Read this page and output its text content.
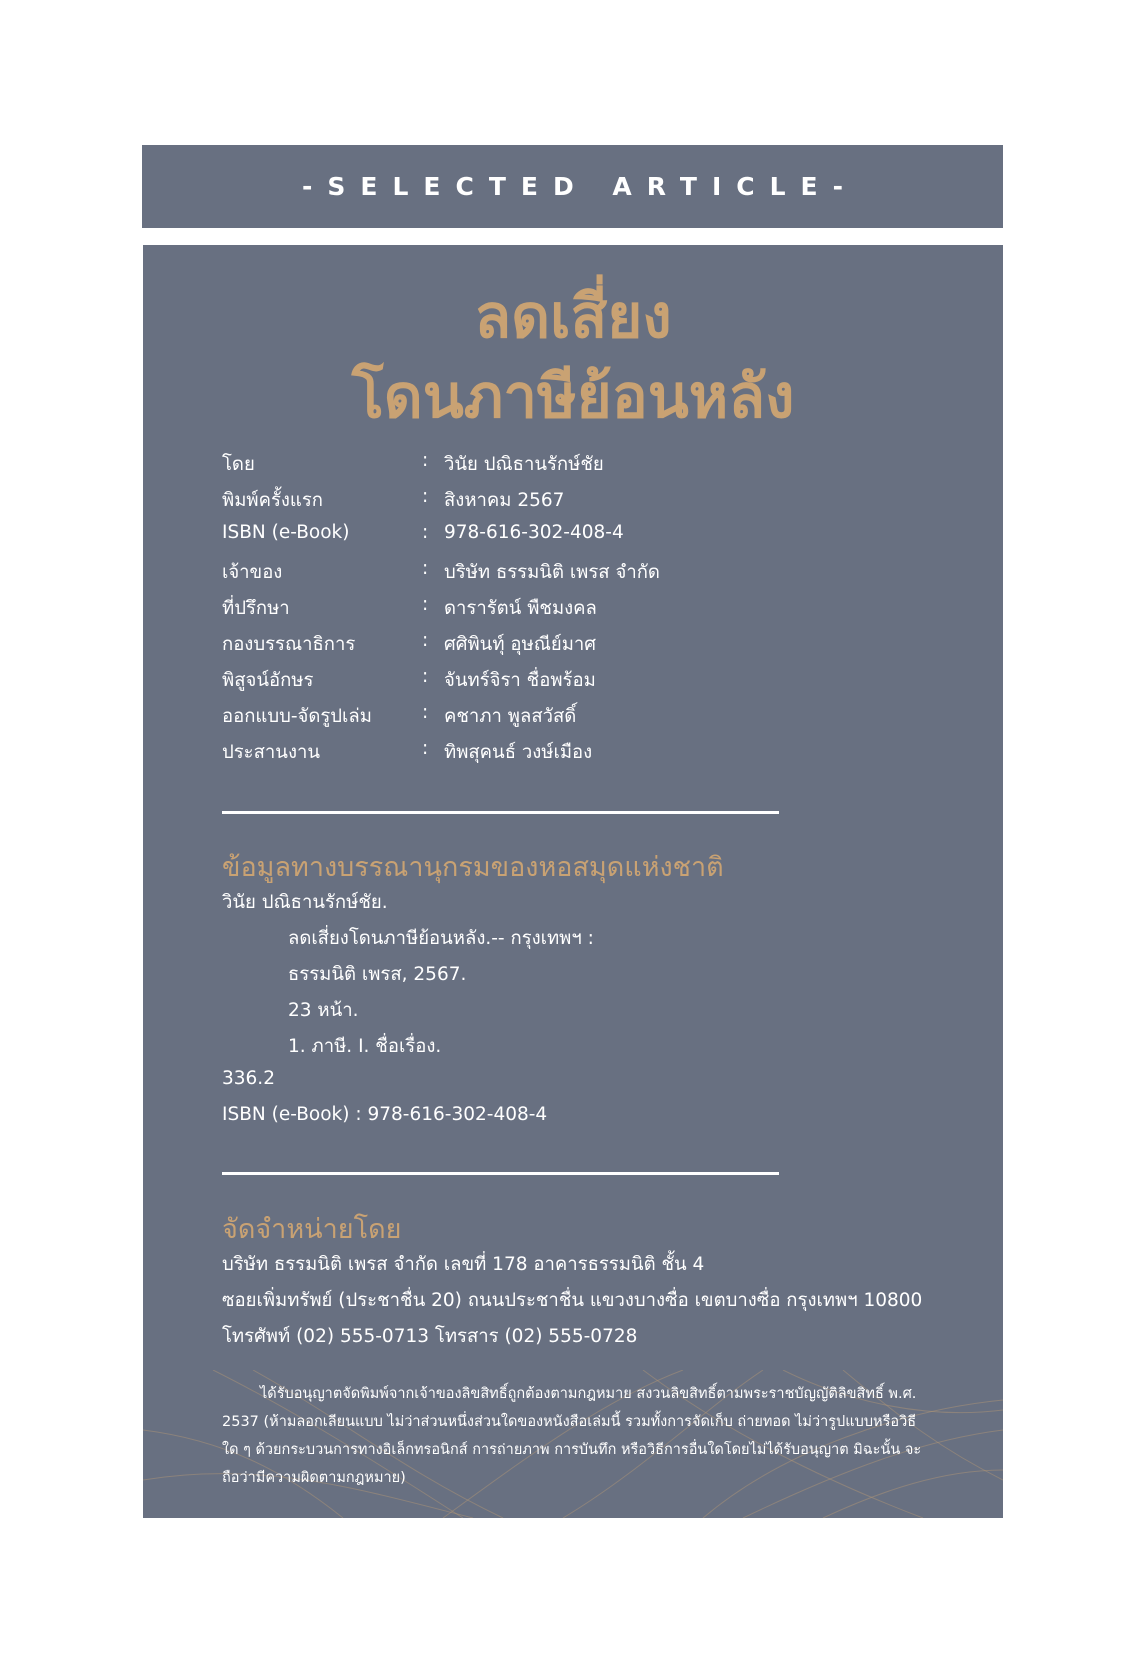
-SELECTED ARTICLE-
ลดเสี่ยง
โดนภาษีย้อนหลัง
โดย	: วินัย ปณิธานรักษ์ชัย
พิมพ์ครั้งแรก	: สิงหาคม 2567
ISBN (e-Book)	: 978-616-302-408-4
เจ้าของ	: บริษัท ธรรมนิติ เพรส จำกัด
ที่ปรึกษา	: ดารารัตน์ พืชมงคล
กองบรรณาธิการ	: ศศิพินทุ์ อุษณีย์มาศ
พิสูจน์อักษร	: จันทร์จิรา ชื่อพร้อม
ออกแบบ-จัดรูปเล่ม	: คชาภา พูลสวัสดิ์
ประสานงาน	: ทิพสุคนธ์ วงษ์เมือง
ข้อมูลทางบรรณานุกรมของหอสมุดแห่งชาติ
วินัย ปณิธานรักษ์ชัย.
ลดเสี่ยงโดนภาษีย้อนหลัง.-- กรุงเทพฯ :
ธรรมนิติ เพรส, 2567.
23 หน้า.
1. ภาษี. I. ชื่อเรื่อง.
336.2
ISBN (e-Book) : 978-616-302-408-4
จัดจำหน่ายโดย
บริษัท ธรรมนิติ เพรส จำกัด เลขที่ 178 อาคารธรรมนิติ ชั้น 4
ซอยเพิ่มทรัพย์ (ประชาชื่น 20) ถนนประชาชื่น แขวงบางซื่อ เขตบางซื่อ กรุงเทพฯ 10800
โทรศัพท์ (02) 555-0713 โทรสาร (02) 555-0728
ได้รับอนุญาตจัดพิมพ์จากเจ้าของลิขสิทธิ์ถูกต้องตามกฎหมาย สงวนลิขสิทธิ์ตามพระราชบัญญัติลิขสิทธิ์ พ.ศ. 2537 (ห้ามลอกเลียนแบบ ไม่ว่าส่วนหนึ่งส่วนใดของหนังสือเล่มนี้ รวมทั้งการจัดเก็บ ถ่ายทอด ไม่ว่ารูปแบบหรือวิธีใด ๆ ด้วยกระบวนการทางอิเล็กทรอนิกส์ การถ่ายภาพ การบันทึก หรือวิธีการอื่นใดโดยไม่ได้รับอนุญาต มิฉะนั้น จะถือว่ามีความผิดตามกฎหมาย)
